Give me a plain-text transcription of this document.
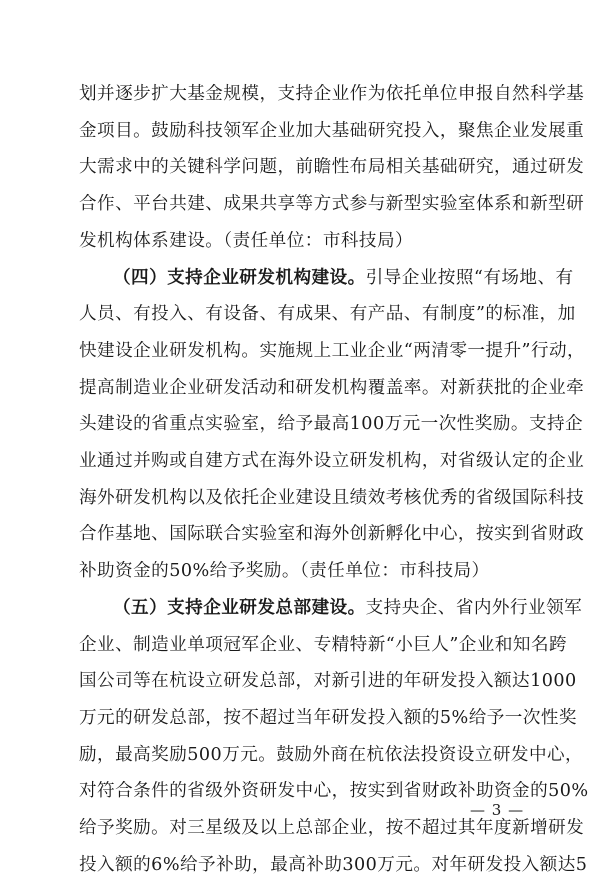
划并逐步扩大基金规模，支持企业作为依托单位申报自然科学基
金项目。鼓励科技领军企业加大基础研究投入，聚焦企业发展重
大需求中的关键科学问题，前瞻性布局相关基础研究，通过研发
合作、平台共建、成果共享等方式参与新型实验室体系和新型研
发机构体系建设。（责任单位：市科技局）
（四）支持企业研发机构建设。引导企业按照“有场地、有
人员、有投入、有设备、有成果、有产品、有制度”的标准，加
快建设企业研发机构。实施规上工业企业“两清零一提升”行动，
提高制造业企业研发活动和研发机构覆盖率。对新获批的企业牵
头建设的省重点实验室，给予最高100万元一次性奖励。支持企
业通过并购或自建方式在海外设立研发机构，对省级认定的企业
海外研发机构以及依托企业建设且绩效考核优秀的省级国际科技
合作基地、国际联合实验室和海外创新孵化中心，按实到省财政
补助资金的50%给予奖励。（责任单位：市科技局）
（五）支持企业研发总部建设。支持央企、省内外行业领军
企业、制造业单项冠军企业、专精特新“小巨人”企业和知名跨
国公司等在杭设立研发总部，对新引进的年研发投入额达1000
万元的研发总部，按不超过当年研发投入额的5%给予一次性奖
励，最高奖励500万元。鼓励外商在杭依法投资设立研发中心，
对符合条件的省级外资研发中心，按实到省财政补助资金的50%
给予奖励。对三星级及以上总部企业，按不超过其年度新增研发
投入额的6%给予补助，最高补助300万元。对年研发投入额达5
— 3 —
